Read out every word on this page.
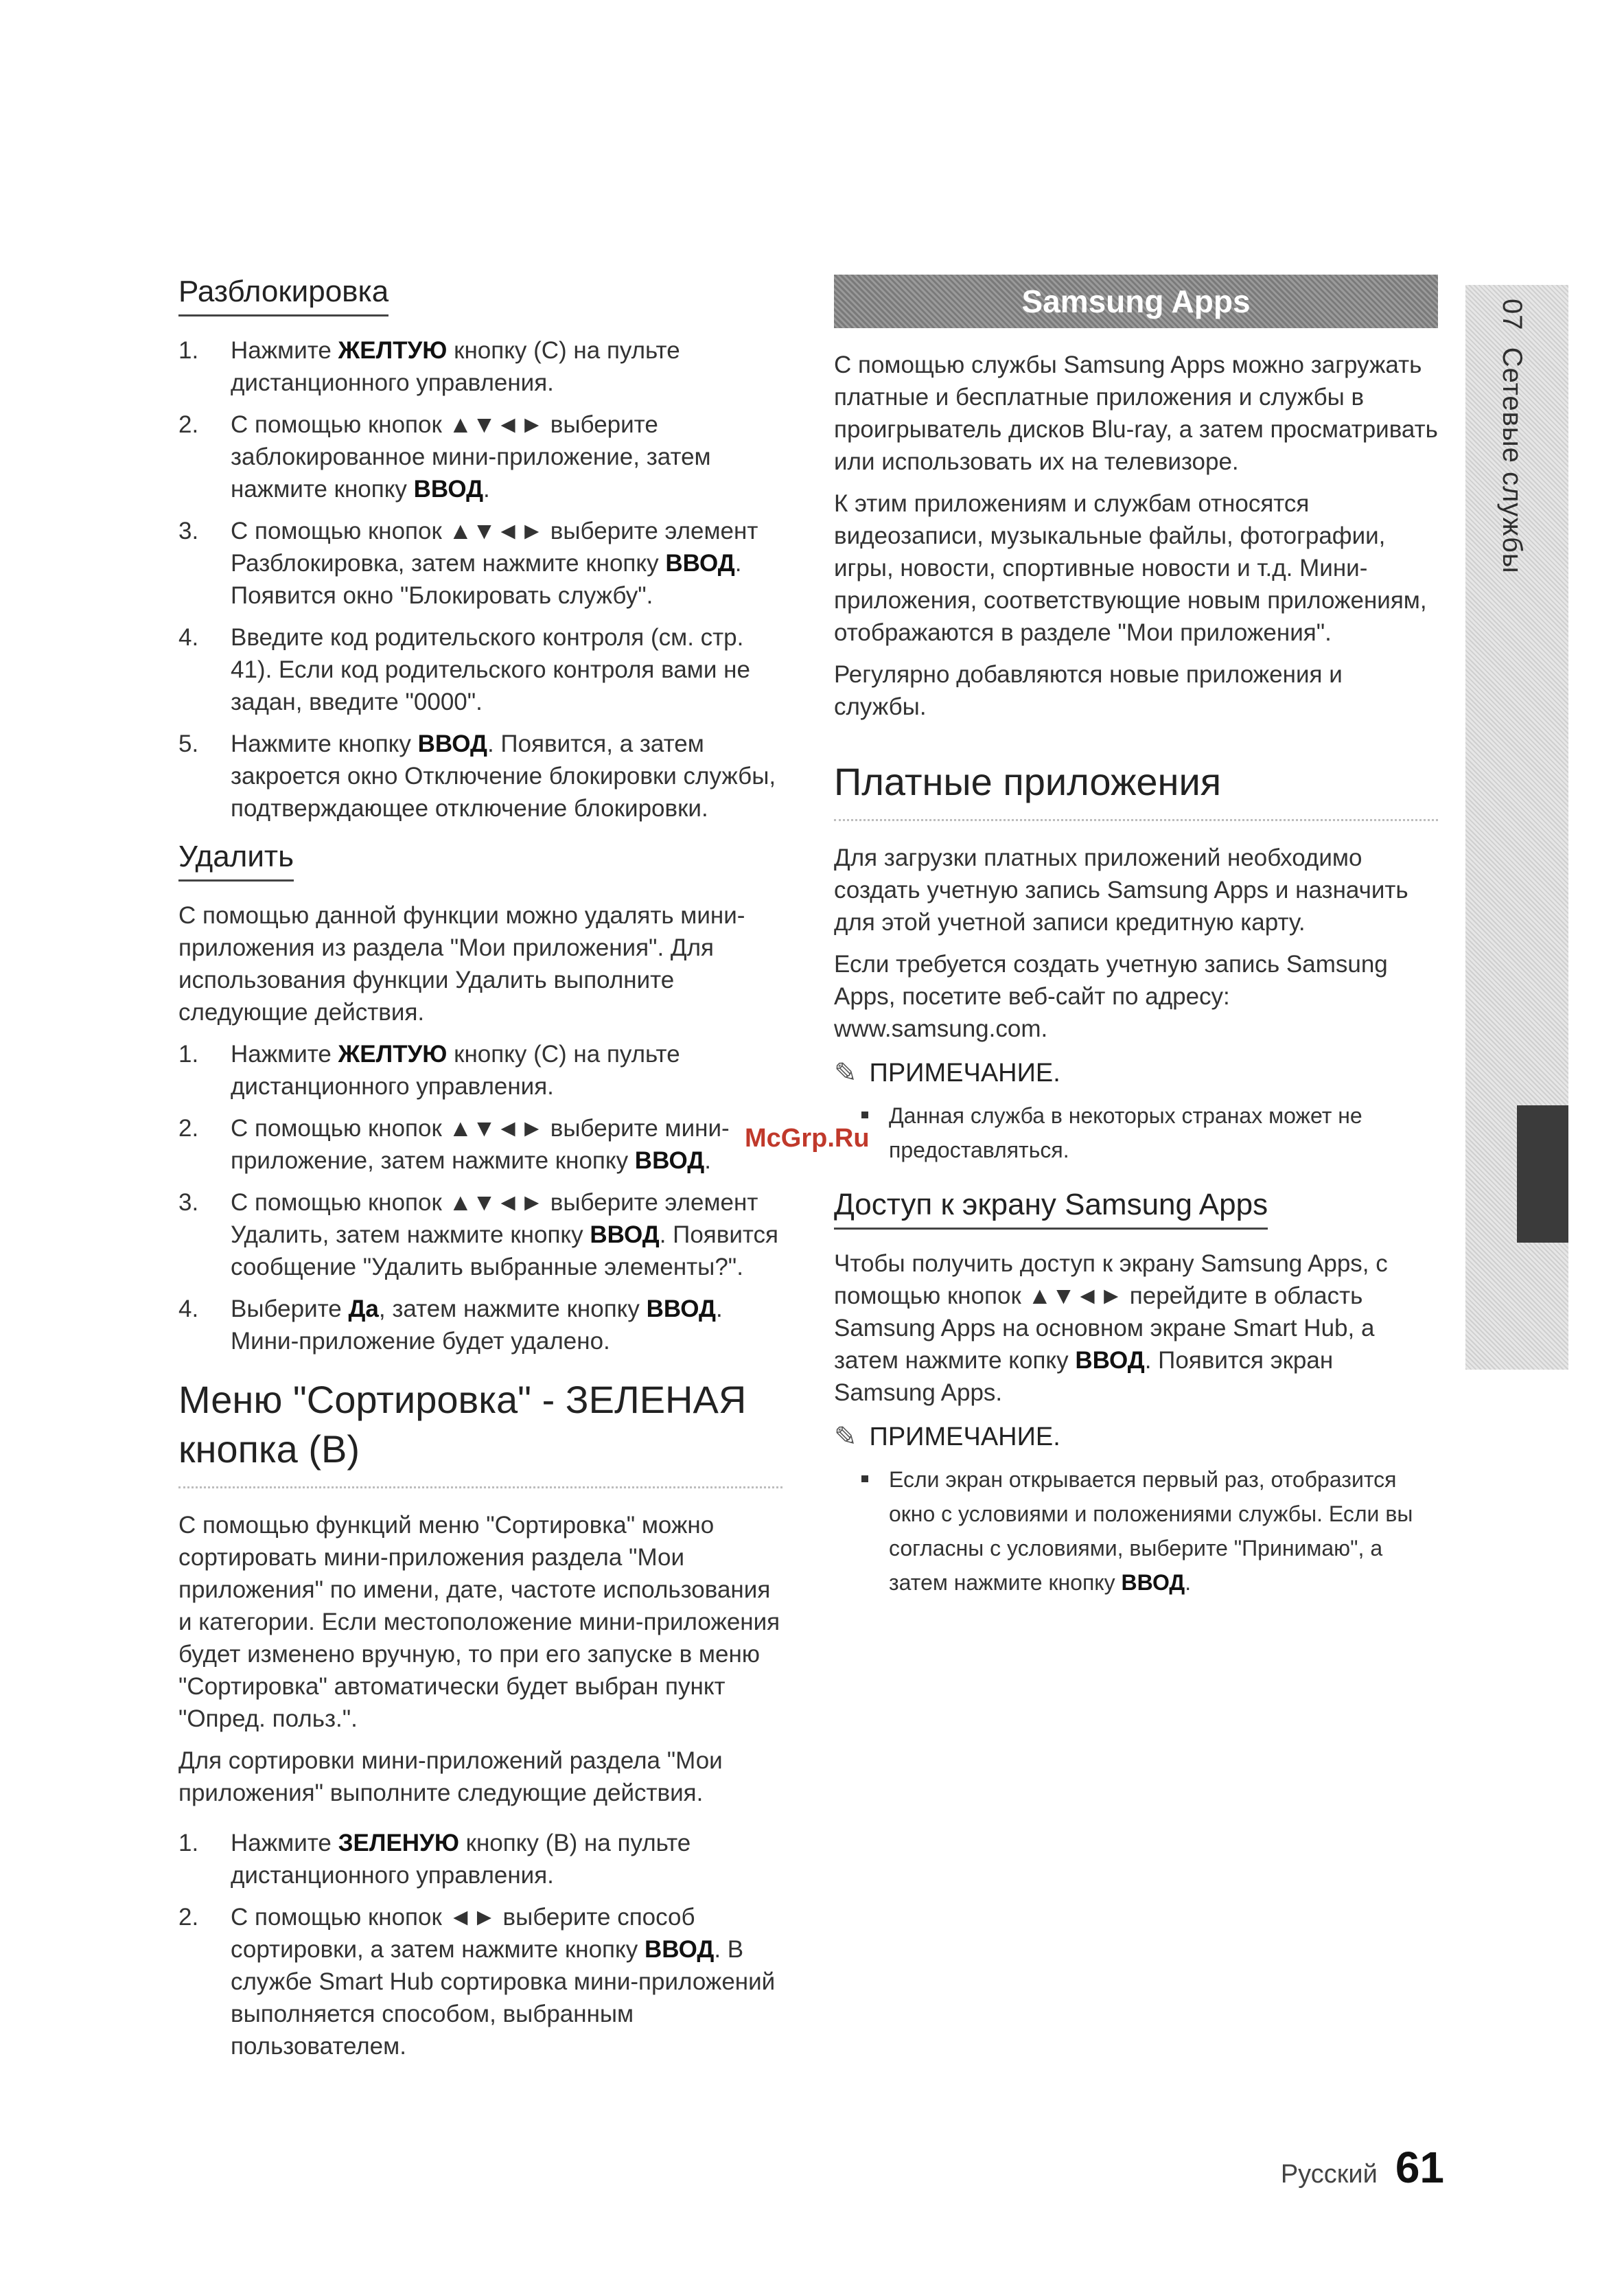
Разблокировка
1.	Нажмите ЖЕЛТУЮ кнопку (С) на пульте дистанционного управления.
2.	С помощью кнопок ▲▼◄► выберите заблокированное мини-приложение, затем нажмите кнопку ВВОД.
3.	С помощью кнопок ▲▼◄► выберите элемент Разблокировка, затем нажмите кнопку ВВОД. Появится окно "Блокировать службу".
4.	Введите код родительского контроля (см. стр. 41). Если код родительского контроля вами не задан, введите "0000".
5.	Нажмите кнопку ВВОД. Появится, а затем закроется окно Отключение блокировки службы, подтверждающее отключение блокировки.
Удалить

С помощью данной функции можно удалять мини-приложения из раздела "Мои приложения". Для использования функции Удалить выполните следующие действия.

1.	Нажмите ЖЕЛТУЮ кнопку (С) на пульте дистанционного управления.
2.	С помощью кнопок ▲▼◄► выберите мини-приложение, затем нажмите кнопку ВВОД.
3.	С помощью кнопок ▲▼◄► выберите элемент Удалить, затем нажмите кнопку ВВОД. Появится сообщение "Удалить выбранные элементы?".
4.	Выберите Да, затем нажмите кнопку ВВОД. Мини-приложение будет удалено.
Меню "Сортировка" - ЗЕЛЕНАЯ кнопка (B)

С помощью функций меню "Сортировка" можно сортировать мини-приложения раздела "Мои приложения" по имени, дате, частоте использования и категории. Если местоположение мини-приложения будет изменено вручную, то при его запуске в меню "Сортировка" автоматически будет выбран пункт "Опред. польз.".

Для сортировки мини-приложений раздела "Мои приложения" выполните следующие действия.

1.	Нажмите ЗЕЛЕНУЮ кнопку (В) на пульте дистанционного управления.
2.	С помощью кнопок ◄► выберите способ сортировки, а затем нажмите кнопку ВВОД. В службе Smart Hub сортировка мини-приложений выполняется способом, выбранным пользователем.
Samsung Apps

С помощью службы Samsung Apps можно загружать платные и бесплатные приложения и службы в проигрыватель дисков Blu-ray, а затем просматривать или использовать их на телевизоре.

К этим приложениям и службам относятся видеозаписи, музыкальные файлы, фотографии, игры, новости, спортивные новости и т.д. Мини-приложения, соответствующие новым приложениям, отображаются в разделе "Мои приложения".

Регулярно добавляются новые приложения и службы.

Платные приложения

Для загрузки платных приложений необходимо создать учетную запись Samsung Apps и назначить для этой учетной записи кредитную карту.

Если требуется создать учетную запись Samsung Apps, посетите веб-сайт по адресу: www.samsung.com.

✎ ПРИМЕЧАНИЕ.
Данная служба в некоторых странах может не предоставляться.
Доступ к экрану Samsung Apps

Чтобы получить доступ к экрану Samsung Apps, с помощью кнопок ▲▼◄► перейдите в область Samsung Apps на основном экране Smart Hub, а затем нажмите копку ВВОД. Появится экран Samsung Apps.

✎ ПРИМЕЧАНИЕ.
Если экран открывается первый раз, отобразится окно с условиями и положениями службы. Если вы согласны с условиями, выберите "Принимаю", а затем нажмите кнопку ВВОД.
07  Сетевые службы
McGrp.Ru
Русский 61
